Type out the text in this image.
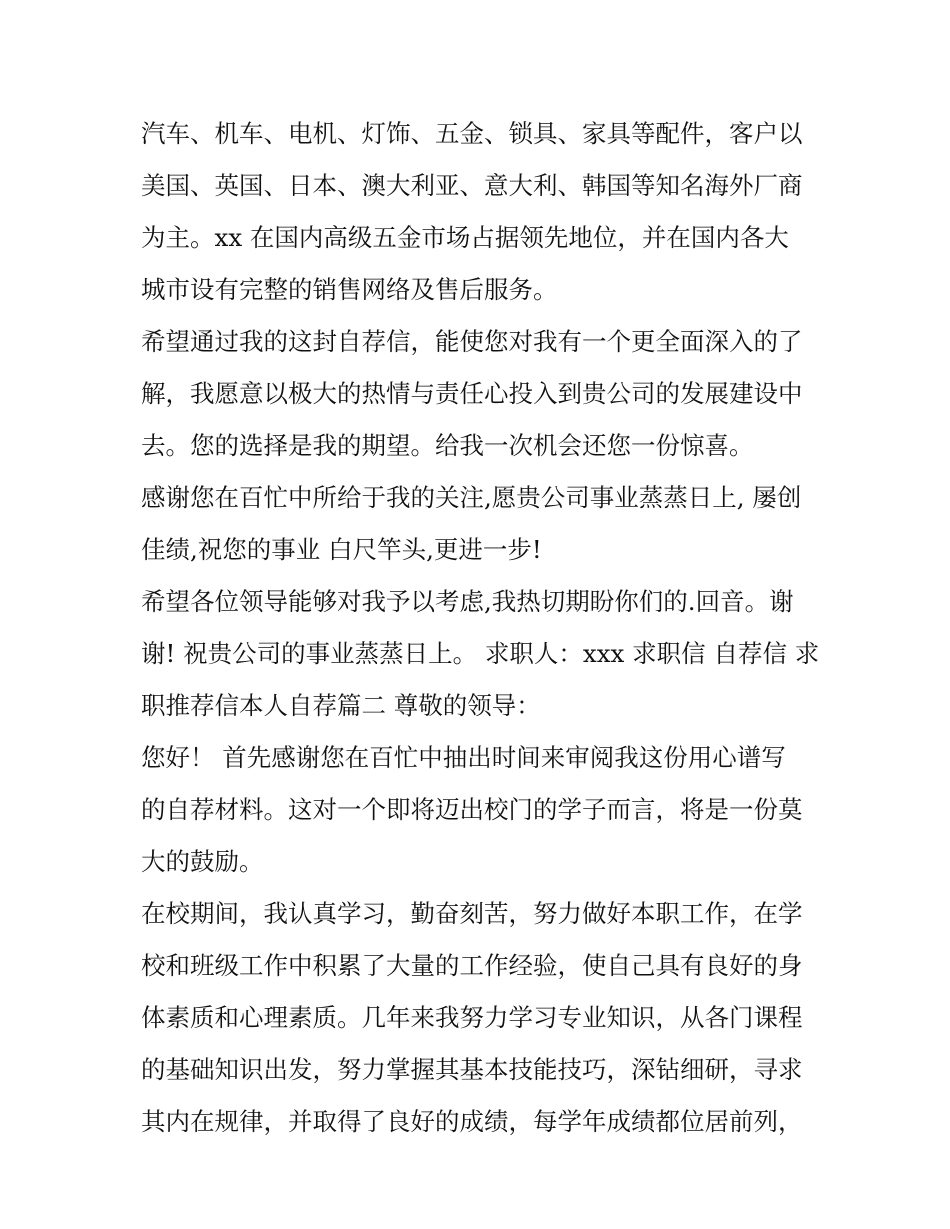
汽车、机车、电机、灯饰、五金、锁具、家具等配件，客户以
美国、英国、日本、澳大利亚、意大利、韩国等知名海外厂商
为主。xx 在国内高级五金市场占据领先地位，并在国内各大
城市设有完整的销售网络及售后服务。
希望通过我的这封自荐信，能使您对我有一个更全面深入的了
解，我愿意以极大的热情与责任心投入到贵公司的发展建设中
去。您的选择是我的期望。给我一次机会还您一份惊喜。
感谢您在百忙中所给于我的关注,愿贵公司事业蒸蒸日上, 屡创
佳绩,祝您的事业 白尺竿头,更进一步!
希望各位领导能够对我予以考虑,我热切期盼你们的.回音。谢
谢! 祝贵公司的事业蒸蒸日上。 求职人：xxx 求职信 自荐信 求
职推荐信本人自荐篇二 尊敬的领导：
您好！ 首先感谢您在百忙中抽出时间来审阅我这份用心谱写
的自荐材料。这对一个即将迈出校门的学子而言，将是一份莫
大的鼓励。
在校期间，我认真学习，勤奋刻苦，努力做好本职工作，在学
校和班级工作中积累了大量的工作经验，使自己具有良好的身
体素质和心理素质。几年来我努力学习专业知识，从各门课程
的基础知识出发，努力掌握其基本技能技巧，深钻细研，寻求
其内在规律，并取得了良好的成绩，每学年成绩都位居前列，
